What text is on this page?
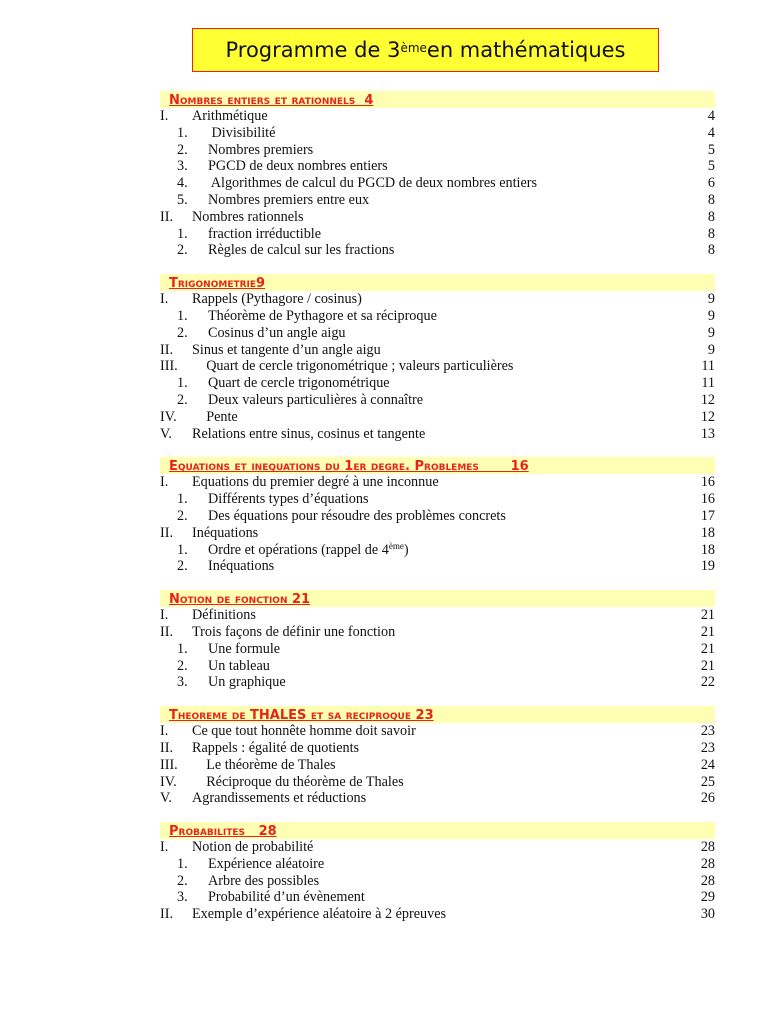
Programme de 3ème en mathématiques
Nombres entiers et rationnels  4
I.	Arithmétique	4
1.	Divisibilité	4
2.	Nombres premiers	5
3.	PGCD de deux nombres entiers	5
4.	Algorithmes de calcul du PGCD de deux nombres entiers	6
5.	Nombres premiers entre eux	8
II.	Nombres rationnels	8
1.	fraction irréductible	8
2.	Règles de calcul sur les fractions	8
Trigonometrie9
I.	Rappels (Pythagore / cosinus)	9
1.	Théorème de Pythagore et sa réciproque	9
2.	Cosinus d’un angle aigu	9
II.	Sinus et tangente d’un angle aigu	9
III.	Quart de cercle trigonométrique ; valeurs particulières	11
1.	Quart de cercle trigonométrique	11
2.	Deux valeurs particulières à connaître	12
IV.	Pente	12
V.	Relations entre sinus, cosinus et tangente	13
Equations et inequations du 1er degre. Problemes       16
I.	Equations du premier degré à une inconnue	16
1.	Différents types d’équations	16
2.	Des équations pour résoudre des problèmes concrets	17
II.	Inéquations	18
1.	Ordre et opérations (rappel de 4ème)	18
2.	Inéquations	19
Notion de fonction 21
I.	Définitions	21
II.	Trois façons de définir une fonction	21
1.	Une formule	21
2.	Un tableau	21
3.	Un graphique	22
Theoreme de THALES et sa reciproque 23
I.	Ce que tout honnête homme doit savoir	23
II.	Rappels : égalité de quotients	23
III.	Le théorème de Thales	24
IV.	Réciproque du théorème de Thales	25
V.	Agrandissements et réductions	26
Probabilites   28
I.	Notion de probabilité	28
1.	Expérience aléatoire	28
2.	Arbre des possibles	28
3.	Probabilité d’un évènement	29
II.	Exemple d’expérience aléatoire à 2 épreuves	30
